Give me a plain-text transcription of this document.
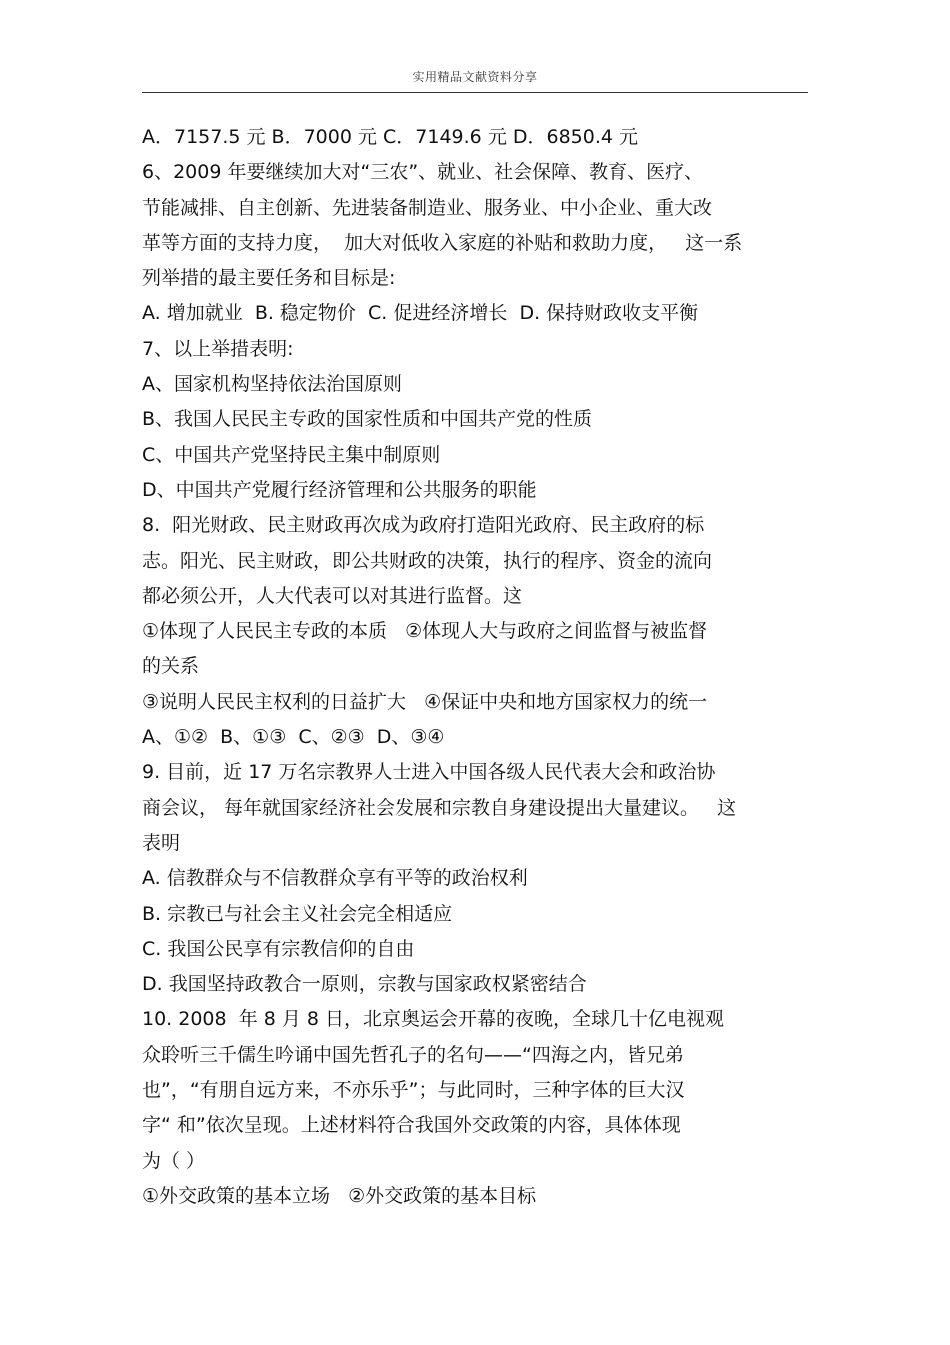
实用精品文献资料分享
A．7157.5 元 B．7000 元 C．7149.6 元 D．6850.4 元
6、2009 年要继续加大对“三农”、就业、社会保障、教育、医疗、
节能减排、自主创新、先进装备制造业、服务业、中小企业、重大改
革等方面的支持力度，  加大对低收入家庭的补贴和救助力度，   这一系
列举措的最主要任务和目标是:
A. 增加就业  B. 稳定物价  C. 促进经济增长  D. 保持财政收支平衡
7、以上举措表明:
A、国家机构坚持依法治国原则
B、我国人民民主专政的国家性质和中国共产党的性质
C、中国共产党坚持民主集中制原则
D、中国共产党履行经济管理和公共服务的职能
8.  阳光财政、民主财政再次成为政府打造阳光政府、民主政府的标
志。阳光、民主财政，即公共财政的决策，执行的程序、资金的流向
都必须公开，人大代表可以对其进行监督。这
①体现了人民民主专政的本质   ②体现人大与政府之间监督与被监督
的关系
③说明人民民主权利的日益扩大   ④保证中央和地方国家权力的统一
A、①②  B、①③  C、②③  D、③④
9. 目前，近 17 万名宗教界人士进入中国各级人民代表大会和政治协
商会议， 每年就国家经济社会发展和宗教自身建设提出大量建议。   这
表明
A. 信教群众与不信教群众享有平等的政治权利
B. 宗教已与社会主义社会完全相适应
C. 我国公民享有宗教信仰的自由
D. 我国坚持政教合一原则，宗教与国家政权紧密结合
10. 2008  年 8 月 8 日，北京奥运会开幕的夜晚，全球几十亿电视观
众聆听三千儒生吟诵中国先哲孔子的名句——“四海之内，皆兄弟
也”，“有朋自远方来，不亦乐乎”；与此同时，三种字体的巨大汉
字“ 和”依次呈现。上述材料符合我国外交政策的内容，具体体现
为（ ）
①外交政策的基本立场   ②外交政策的基本目标
